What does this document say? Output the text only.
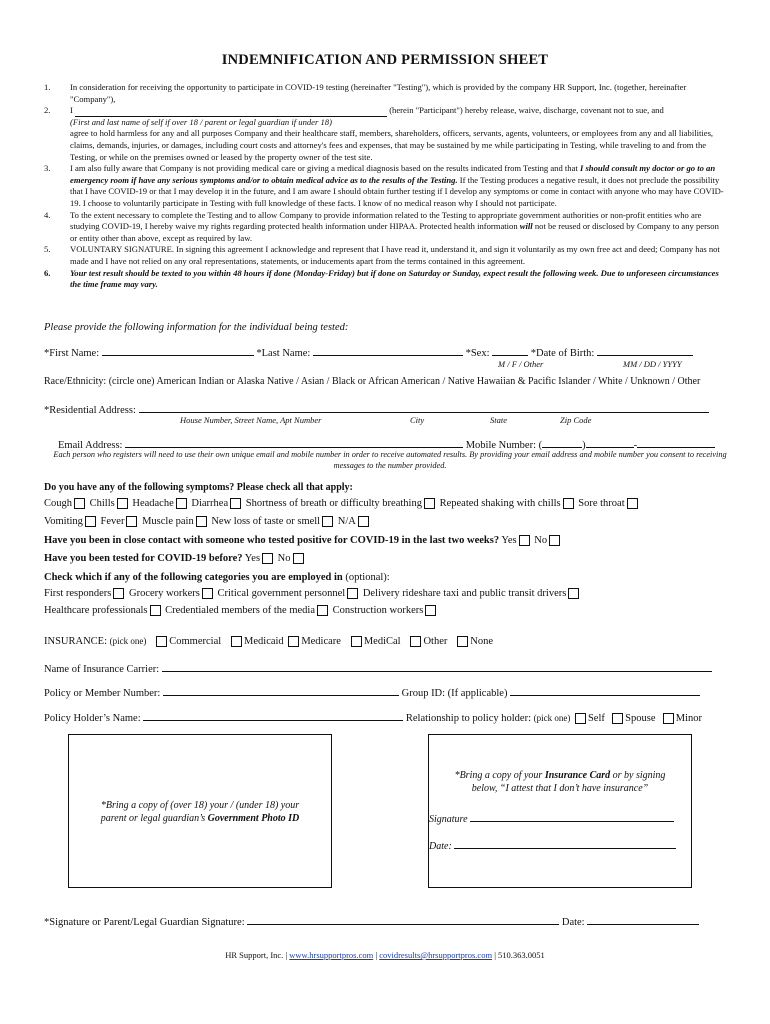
INDEMNIFICATION AND PERMISSION SHEET
1.	In consideration for receiving the opportunity to participate in COVID-19 testing (hereinafter "Testing"), which is provided by the company HR Support, Inc. (together, hereinafter "Company"),
2.	I	(herein "Participant") hereby release, waive, discharge, covenant not to sue, and
(First and last name of self if over 18 / parent or legal guardian if under 18)
agree to hold harmless for any and all purposes Company and their healthcare staff, members, shareholders, officers, servants, agents, volunteers, or employees from any and all liabilities, claims, demands, injuries, or damages, including court costs and attorney's fees and expenses, that may be sustained by me while participating in Testing, while traveling to and from the Testing, or while on the premises owned or leased by the property owner of the test site.
3.	I am also fully aware that Company is not providing medical care or giving a medical diagnosis based on the results indicated from Testing and that I should consult my doctor or go to an emergency room if have any serious symptoms and/or to obtain medical advice as to the results of the Testing. If the Testing produces a negative result, it does not preclude the possibility that I have COVID-19 or that I may develop it in the future, and I am aware I should obtain further testing if I develop any symptoms or come in contact with anyone who may have COVID-19. I choose to voluntarily participate in Testing with full knowledge of these facts. I know of no medical reason why I should not participate.
4.	To the extent necessary to complete the Testing and to allow Company to provide information related to the Testing to appropriate government authorities or non-profit entities who are studying COVID-19, I hereby waive my rights regarding protected health information under HIPAA. Protected health information will not be reused or disclosed by Company to any person or entity other than above, except as required by law.
5.	VOLUNTARY SIGNATURE. In signing this agreement I acknowledge and represent that I have read it, understand it, and sign it voluntarily as my own free act and deed; Company has not made and I have not relied on any oral representations, statements, or inducements apart from the terms contained in this agreement.
6.	Your test result should be texted to you within 48 hours if done (Monday-Friday) but if done on Saturday or Sunday, expect result the following week. Due to unforeseen circumstances the time frame may vary.
Please provide the following information for the individual being tested:
*First Name:	*Last Name:	*Sex:	*Date of Birth:
M / F / Other	MM / DD / YYYY
Race/Ethnicity: (circle one) American Indian or Alaska Native / Asian / Black or African American / Native Hawaiian & Pacific Islander / White / Unknown / Other
*Residential Address:
House Number, Street Name, Apt Number	City	State	Zip Code
Email Address:	Mobile Number: (	)	-
Each person who registers will need to use their own unique email and mobile number in order to receive automated results. By providing your email address and mobile number you consent to receiving messages to the number provided.
Do you have any of the following symptoms? Please check all that apply:
Cough Chills Headache Diarrhea Shortness of breath or difficulty breathing Repeated shaking with chills Sore throat
Vomiting Fever Muscle pain New loss of taste or smell N/A
Have you been in close contact with someone who tested positive for COVID-19 in the last two weeks? Yes No
Have you been tested for COVID-19 before? Yes No
Check which if any of the following categories you are employed in (optional):
First responders Grocery workers Critical government personnel Delivery rideshare taxi and public transit drivers
Healthcare professionals Credentialed members of the media Construction workers
INSURANCE: (pick one) Commercial Medicaid Medicare MediCal Other None
Name of Insurance Carrier:
Policy or Member Number:	Group ID: (If applicable)
Policy Holder’s Name:	Relationship to policy holder: (pick one) Self Spouse Minor
*Bring a copy of (over 18) your / (under 18) your parent or legal guardian’s Government Photo ID
*Bring a copy of your Insurance Card or by signing below, “I attest that I don’t have insurance”
Signature
Date:
*Signature or Parent/Legal Guardian Signature:	Date:
HR Support, Inc. | www.hrsupportpros.com | covidresults@hrsupportpros.com | 510.363.0051
